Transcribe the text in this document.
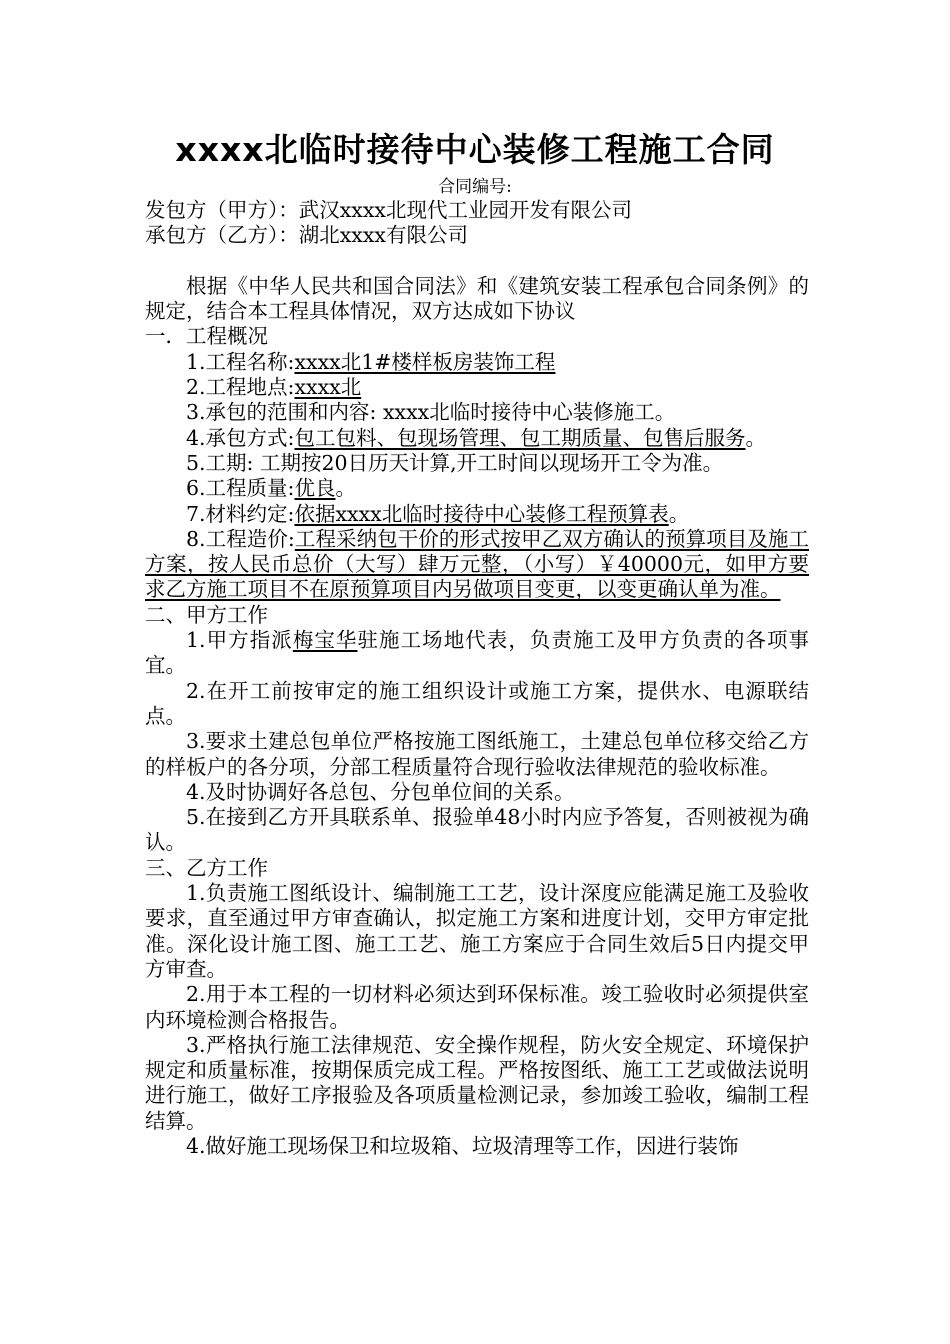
xxxx北临时接待中心装修工程施工合同
合同编号:
发包方（甲方）：武汉xxxx北现代工业园开发有限公司
承包方（乙方）：湖北xxxx有限公司
根据《中华人民共和国合同法》和《建筑安装工程承包合同条例》的规定，结合本工程具体情况，双方达成如下协议
一．工程概况
1.工程名称:xxxx北1#楼样板房装饰工程
2.工程地点:xxxx北
3.承包的范围和内容: xxxx北临时接待中心装修施工。
4.承包方式:包工包料、包现场管理、包工期质量、包售后服务。
5.工期: 工期按20日历天计算,开工时间以现场开工令为准。
6.工程质量:优良。
7.材料约定:依据xxxx北临时接待中心装修工程预算表。
8.工程造价:工程采纳包干价的形式按甲乙双方确认的预算项目及施工方案，按人民币总价（大写）肆万元整，（小写）￥40000元，如甲方要求乙方施工项目不在原预算项目内另做项目变更，以变更确认单为准。
二、甲方工作
1.甲方指派梅宝华驻施工场地代表，负责施工及甲方负责的各项事宜。
2.在开工前按审定的施工组织设计或施工方案，提供水、电源联结点。
3.要求土建总包单位严格按施工图纸施工，土建总包单位移交给乙方的样板户的各分项，分部工程质量符合现行验收法律规范的验收标准。
4.及时协调好各总包、分包单位间的关系。
5.在接到乙方开具联系单、报验单48小时内应予答复，否则被视为确认。
三、乙方工作
1.负责施工图纸设计、编制施工工艺，设计深度应能满足施工及验收要求，直至通过甲方审查确认，拟定施工方案和进度计划，交甲方审定批准。深化设计施工图、施工工艺、施工方案应于合同生效后5日内提交甲方审查。
2.用于本工程的一切材料必须达到环保标准。竣工验收时必须提供室内环境检测合格报告。
3.严格执行施工法律规范、安全操作规程，防火安全规定、环境保护规定和质量标准，按期保质完成工程。严格按图纸、施工工艺或做法说明进行施工，做好工序报验及各项质量检测记录，参加竣工验收，编制工程结算。
4.做好施工现场保卫和垃圾箱、垃圾清理等工作，因进行装饰
